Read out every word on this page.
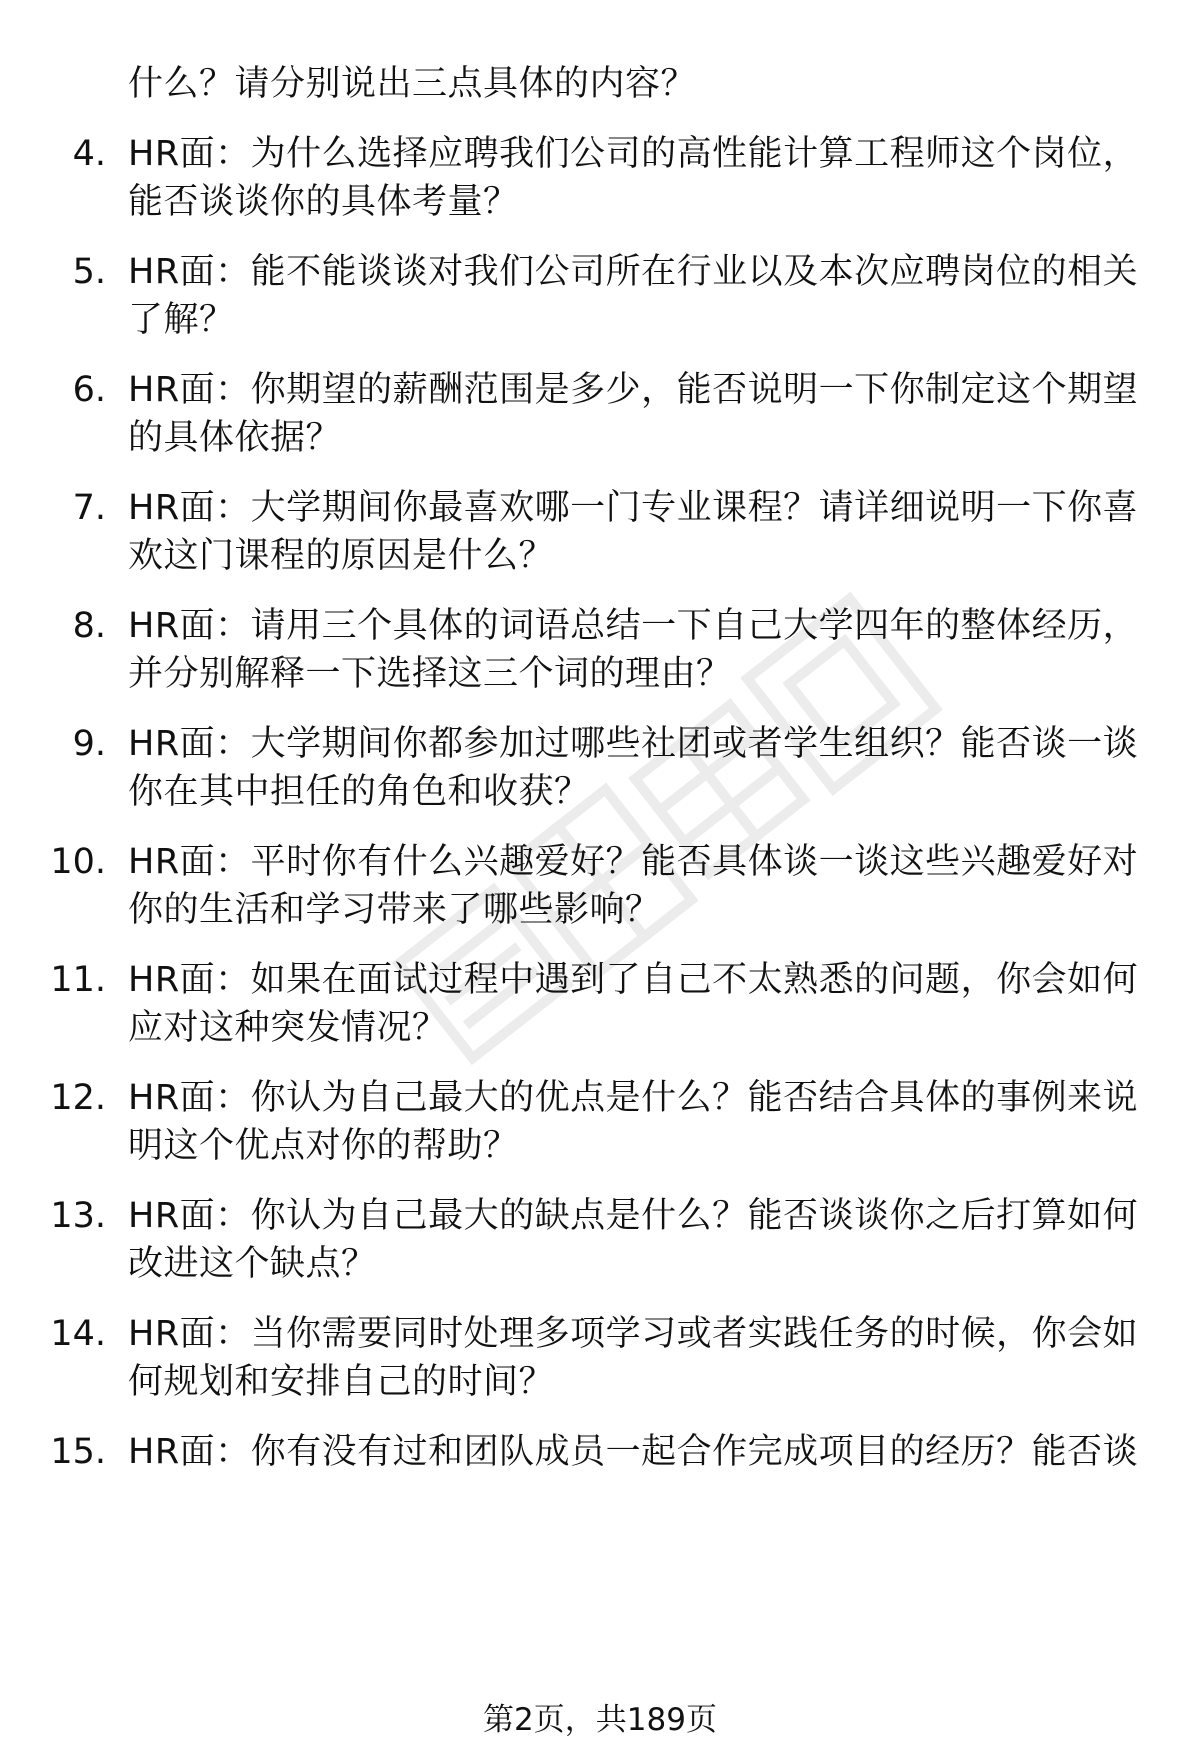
什么？请分别说出三点具体的内容？
4. HR面：为什么选择应聘我们公司的高性能计算工程师这个岗位，能否谈谈你的具体考量？
5. HR面：能不能谈谈对我们公司所在行业以及本次应聘岗位的相关了解？
6. HR面：你期望的薪酬范围是多少，能否说明一下你制定这个期望的具体依据？
7. HR面：大学期间你最喜欢哪一门专业课程？请详细说明一下你喜欢这门课程的原因是什么？
8. HR面：请用三个具体的词语总结一下自己大学四年的整体经历，并分别解释一下选择这三个词的理由？
9. HR面：大学期间你都参加过哪些社团或者学生组织？能否谈一谈你在其中担任的角色和收获？
10. HR面：平时你有什么兴趣爱好？能否具体谈一谈这些兴趣爱好对你的生活和学习带来了哪些影响？
11. HR面：如果在面试过程中遇到了自己不太熟悉的问题，你会如何应对这种突发情况？
12. HR面：你认为自己最大的优点是什么？能否结合具体的事例来说明这个优点对你的帮助？
13. HR面：你认为自己最大的缺点是什么？能否谈谈你之后打算如何改进这个缺点？
14. HR面：当你需要同时处理多项学习或者实践任务的时候，你会如何规划和安排自己的时间？
15. HR面：你有没有过和团队成员一起合作完成项目的经历？能否谈
第2页，共189页
